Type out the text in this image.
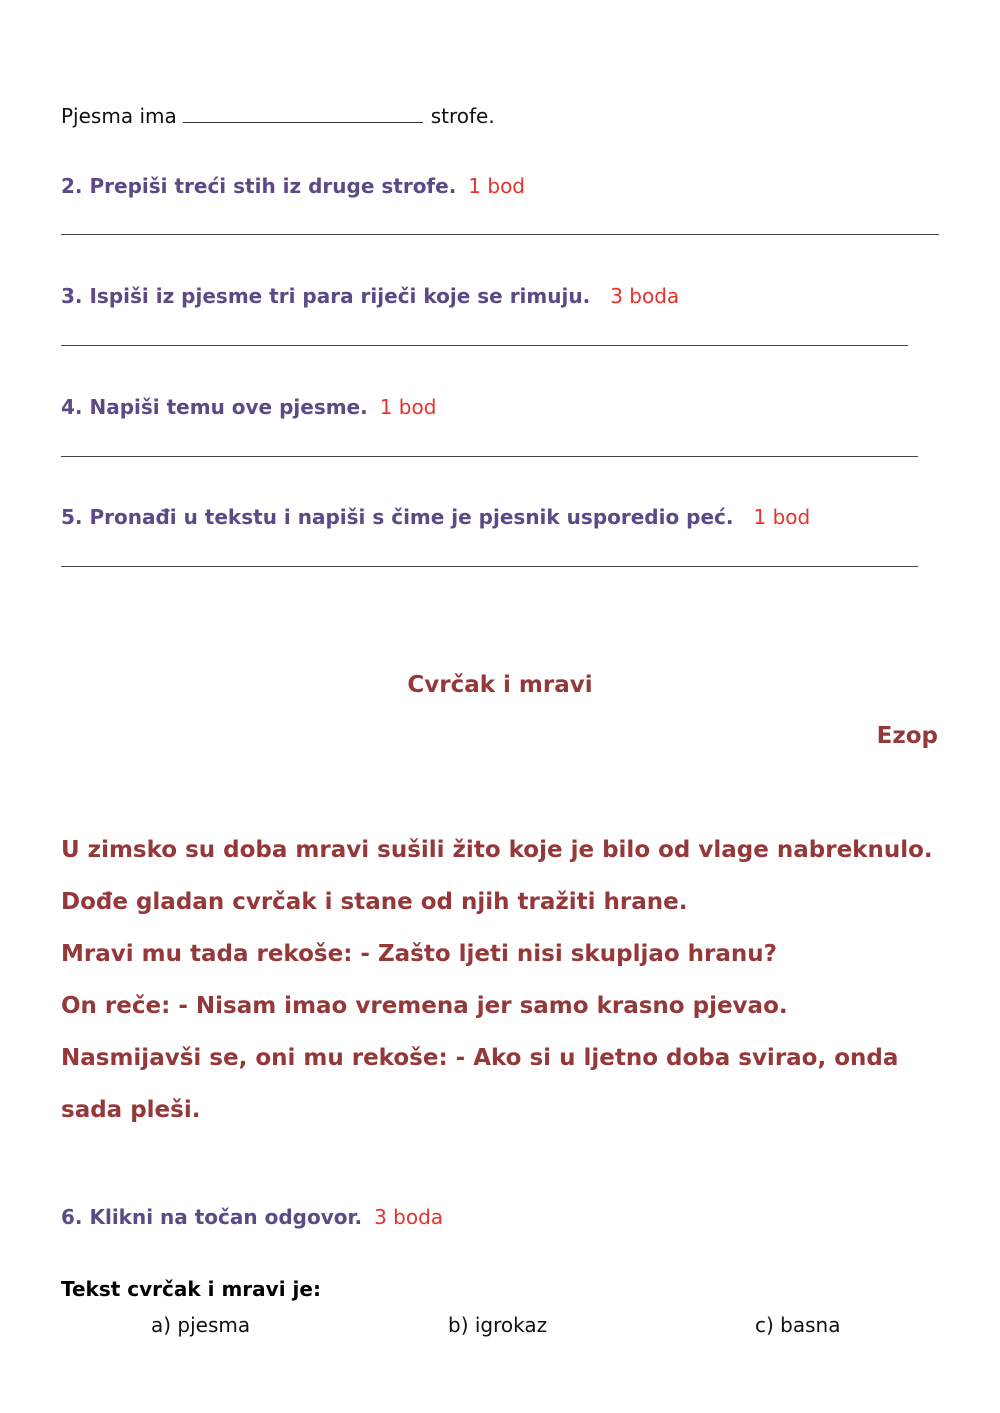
Pjesma ima	strofe.
2. Prepiši treći stih iz druge strofe. 1 bod
3. Ispiši iz pjesme tri para riječi koje se rimuju. 3 boda
4. Napiši temu ove pjesme. 1 bod
5. Pronađi u tekstu i napiši s čime je pjesnik usporedio peć. 1 bod
Cvrčak i mravi
Ezop

U zimsko su doba mravi sušili žito koje je bilo od vlage nabreknulo.

Dođe gladan cvrčak i stane od njih tražiti hrane.

Mravi mu tada rekoše: - Zašto ljeti nisi skupljao hranu?

On reče: - Nisam imao vremena jer samo krasno pjevao.

Nasmijavši se, oni mu rekoše: - Ako si u ljetno doba svirao, onda sada pleši.

6. Klikni na točan odgovor. 3 boda
Tekst cvrčak i mravi je:
a) pjesma	b) igrokaz	c) basna
